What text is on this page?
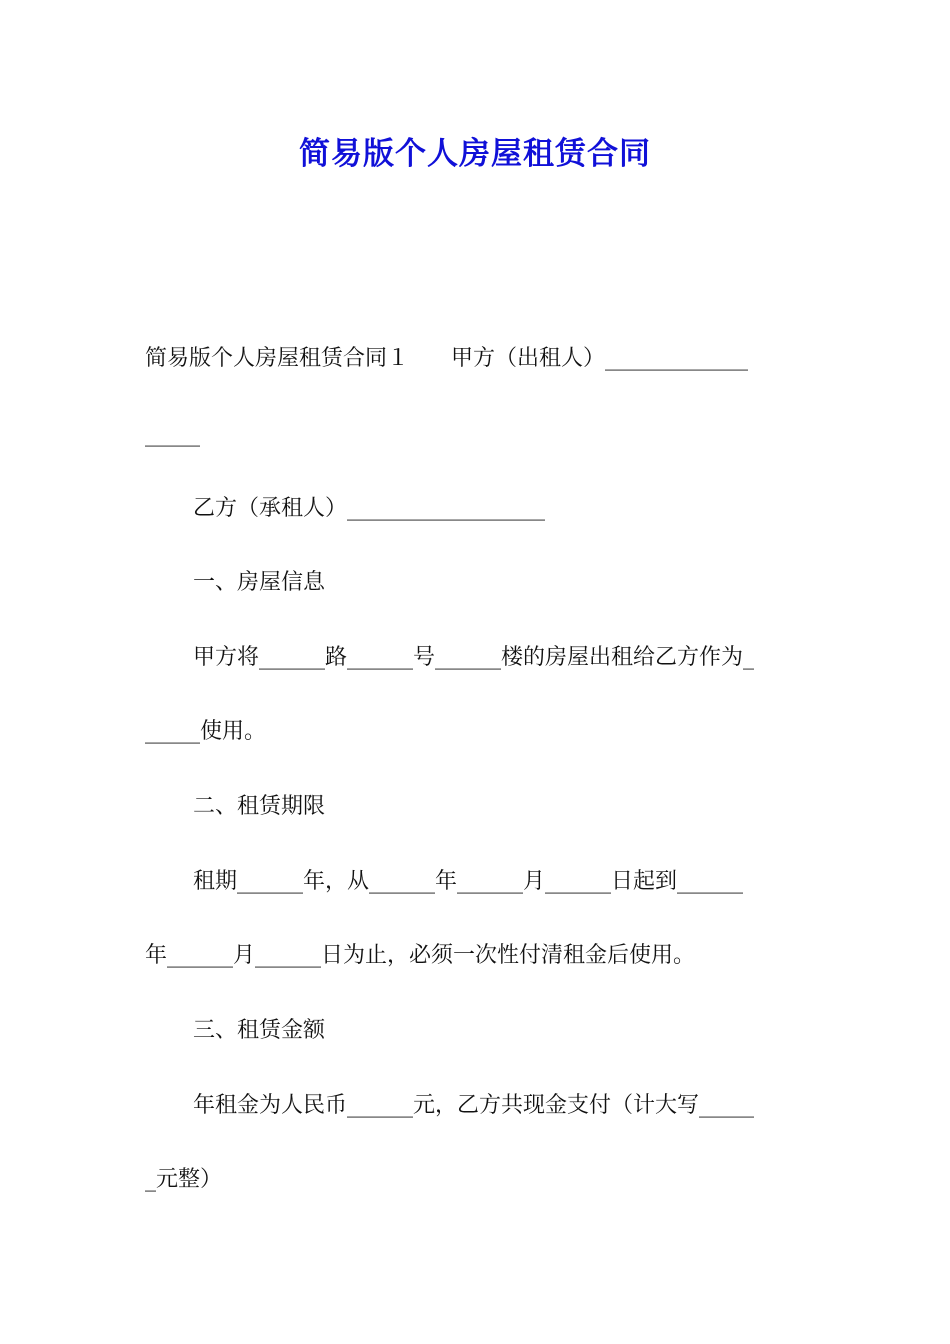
简易版个人房屋租赁合同
简易版个人房屋租赁合同１      甲方（出租人）_____________
_____
乙方（承租人）__________________
一、房屋信息
甲方将______路______号______楼的房屋出租给乙方作为_
_____使用。
二、租赁期限
租期______年，从______年______月______日起到______
年______月______日为止，必须一次性付清租金后使用。
三、租赁金额
年租金为人民币______元，乙方共现金支付（计大写_____
_元整）
